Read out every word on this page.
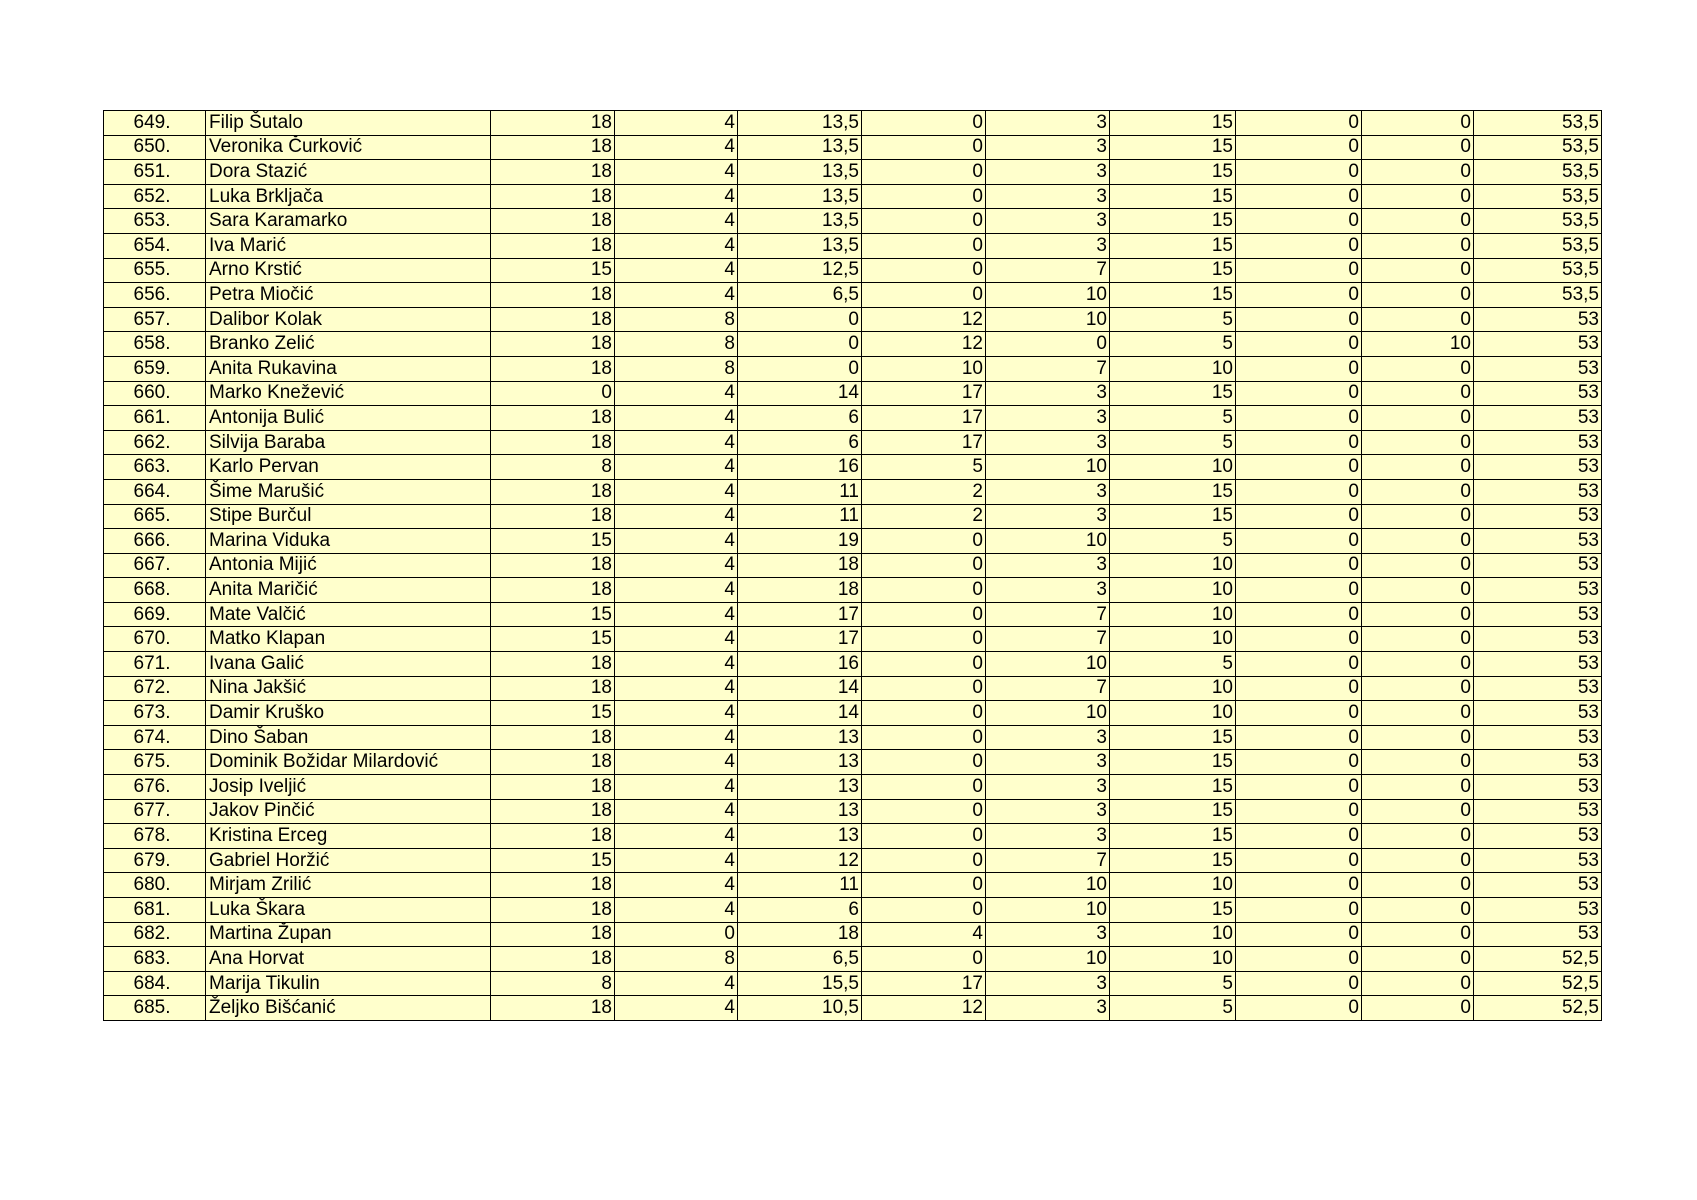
649.	Filip Šutalo	18	4	13,5	0	3	15	0	0	53,5
650.	Veronika Čurković	18	4	13,5	0	3	15	0	0	53,5
651.	Dora Stazić	18	4	13,5	0	3	15	0	0	53,5
652.	Luka Brkljača	18	4	13,5	0	3	15	0	0	53,5
653.	Sara Karamarko	18	4	13,5	0	3	15	0	0	53,5
654.	Iva Marić	18	4	13,5	0	3	15	0	0	53,5
655.	Arno Krstić	15	4	12,5	0	7	15	0	0	53,5
656.	Petra Miočić	18	4	6,5	0	10	15	0	0	53,5
657.	Dalibor Kolak	18	8	0	12	10	5	0	0	53
658.	Branko Zelić	18	8	0	12	0	5	0	10	53
659.	Anita Rukavina	18	8	0	10	7	10	0	0	53
660.	Marko Knežević	0	4	14	17	3	15	0	0	53
661.	Antonija Bulić	18	4	6	17	3	5	0	0	53
662.	Silvija Baraba	18	4	6	17	3	5	0	0	53
663.	Karlo Pervan	8	4	16	5	10	10	0	0	53
664.	Šime Marušić	18	4	11	2	3	15	0	0	53
665.	Stipe Burčul	18	4	11	2	3	15	0	0	53
666.	Marina Viduka	15	4	19	0	10	5	0	0	53
667.	Antonia Mijić	18	4	18	0	3	10	0	0	53
668.	Anita Maričić	18	4	18	0	3	10	0	0	53
669.	Mate Valčić	15	4	17	0	7	10	0	0	53
670.	Matko Klapan	15	4	17	0	7	10	0	0	53
671.	Ivana Galić	18	4	16	0	10	5	0	0	53
672.	Nina Jakšić	18	4	14	0	7	10	0	0	53
673.	Damir Kruško	15	4	14	0	10	10	0	0	53
674.	Dino Šaban	18	4	13	0	3	15	0	0	53
675.	Dominik Božidar Milardović	18	4	13	0	3	15	0	0	53
676.	Josip Iveljić	18	4	13	0	3	15	0	0	53
677.	Jakov Pinčić	18	4	13	0	3	15	0	0	53
678.	Kristina Erceg	18	4	13	0	3	15	0	0	53
679.	Gabriel Horžić	15	4	12	0	7	15	0	0	53
680.	Mirjam Zrilić	18	4	11	0	10	10	0	0	53
681.	Luka Škara	18	4	6	0	10	15	0	0	53
682.	Martina Župan	18	0	18	4	3	10	0	0	53
683.	Ana Horvat	18	8	6,5	0	10	10	0	0	52,5
684.	Marija Tikulin	8	4	15,5	17	3	5	0	0	52,5
685.	Željko Bišćanić	18	4	10,5	12	3	5	0	0	52,5
